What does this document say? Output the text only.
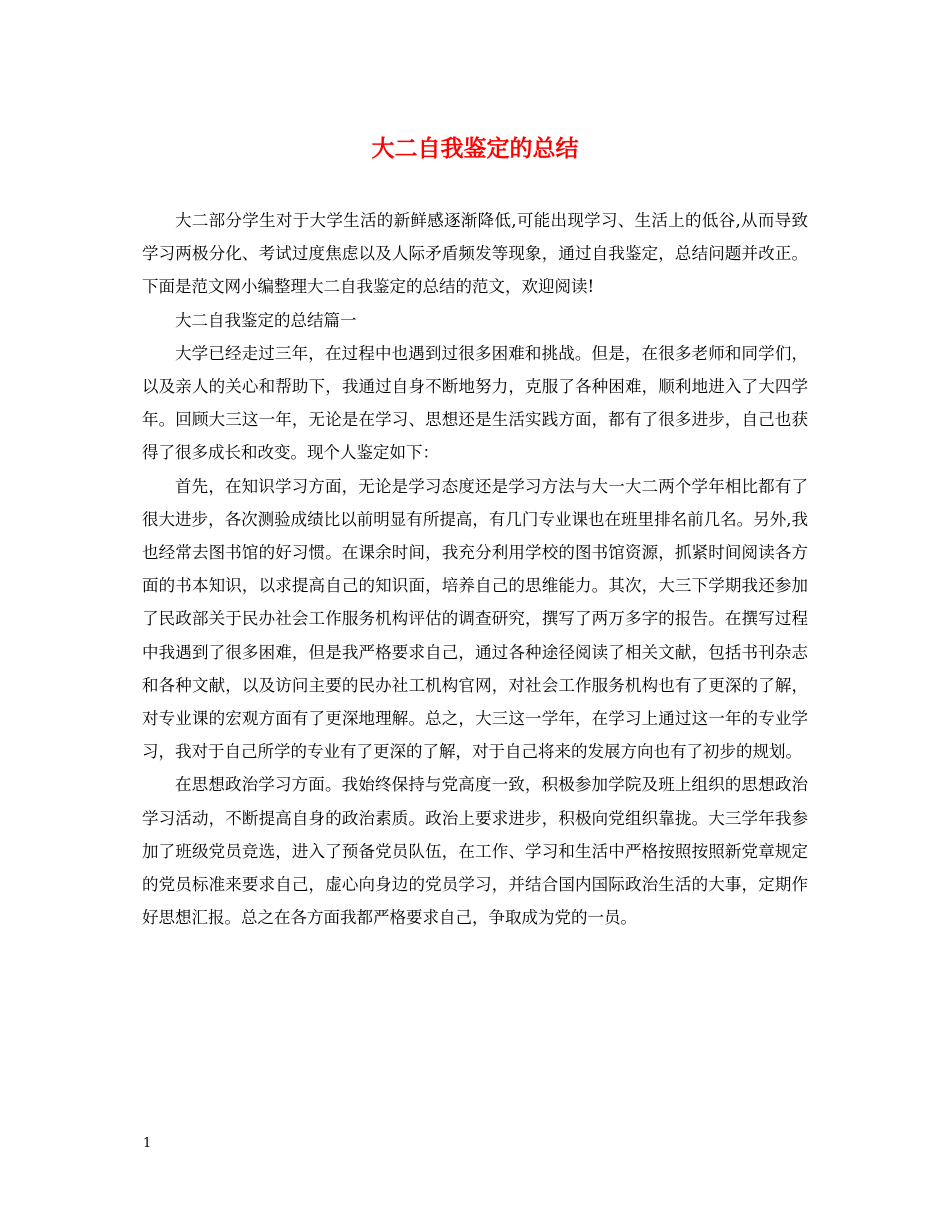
大二自我鉴定的总结

大二部分学生对于大学生活的新鲜感逐渐降低,可能出现学习、生活上的低谷,从而导致学习两极分化、考试过度焦虑以及人际矛盾频发等现象，通过自我鉴定，总结问题并改正。下面是范文网小编整理大二自我鉴定的总结的范文，欢迎阅读!

大二自我鉴定的总结篇一

大学已经走过三年，在过程中也遇到过很多困难和挑战。但是，在很多老师和同学们，以及亲人的关心和帮助下，我通过自身不断地努力，克服了各种困难，顺利地进入了大四学年。回顾大三这一年，无论是在学习、思想还是生活实践方面，都有了很多进步，自己也获得了很多成长和改变。现个人鉴定如下：

首先，在知识学习方面，无论是学习态度还是学习方法与大一大二两个学年相比都有了很大进步，各次测验成绩比以前明显有所提高，有几门专业课也在班里排名前几名。另外,我也经常去图书馆的好习惯。在课余时间，我充分利用学校的图书馆资源，抓紧时间阅读各方面的书本知识，以求提高自己的知识面，培养自己的思维能力。其次，大三下学期我还参加了民政部关于民办社会工作服务机构评估的调查研究，撰写了两万多字的报告。在撰写过程中我遇到了很多困难，但是我严格要求自己，通过各种途径阅读了相关文献，包括书刊杂志和各种文献，以及访问主要的民办社工机构官网，对社会工作服务机构也有了更深的了解，对专业课的宏观方面有了更深地理解。总之，大三这一学年，在学习上通过这一年的专业学习，我对于自己所学的专业有了更深的了解，对于自己将来的发展方向也有了初步的规划。

在思想政治学习方面。我始终保持与党高度一致，积极参加学院及班上组织的思想政治学习活动，不断提高自身的政治素质。政治上要求进步，积极向党组织靠拢。大三学年我参加了班级党员竞选，进入了预备党员队伍，在工作、学习和生活中严格按照按照新党章规定的党员标准来要求自己，虚心向身边的党员学习，并结合国内国际政治生活的大事，定期作好思想汇报。总之在各方面我都严格要求自己，争取成为党的一员。

1
